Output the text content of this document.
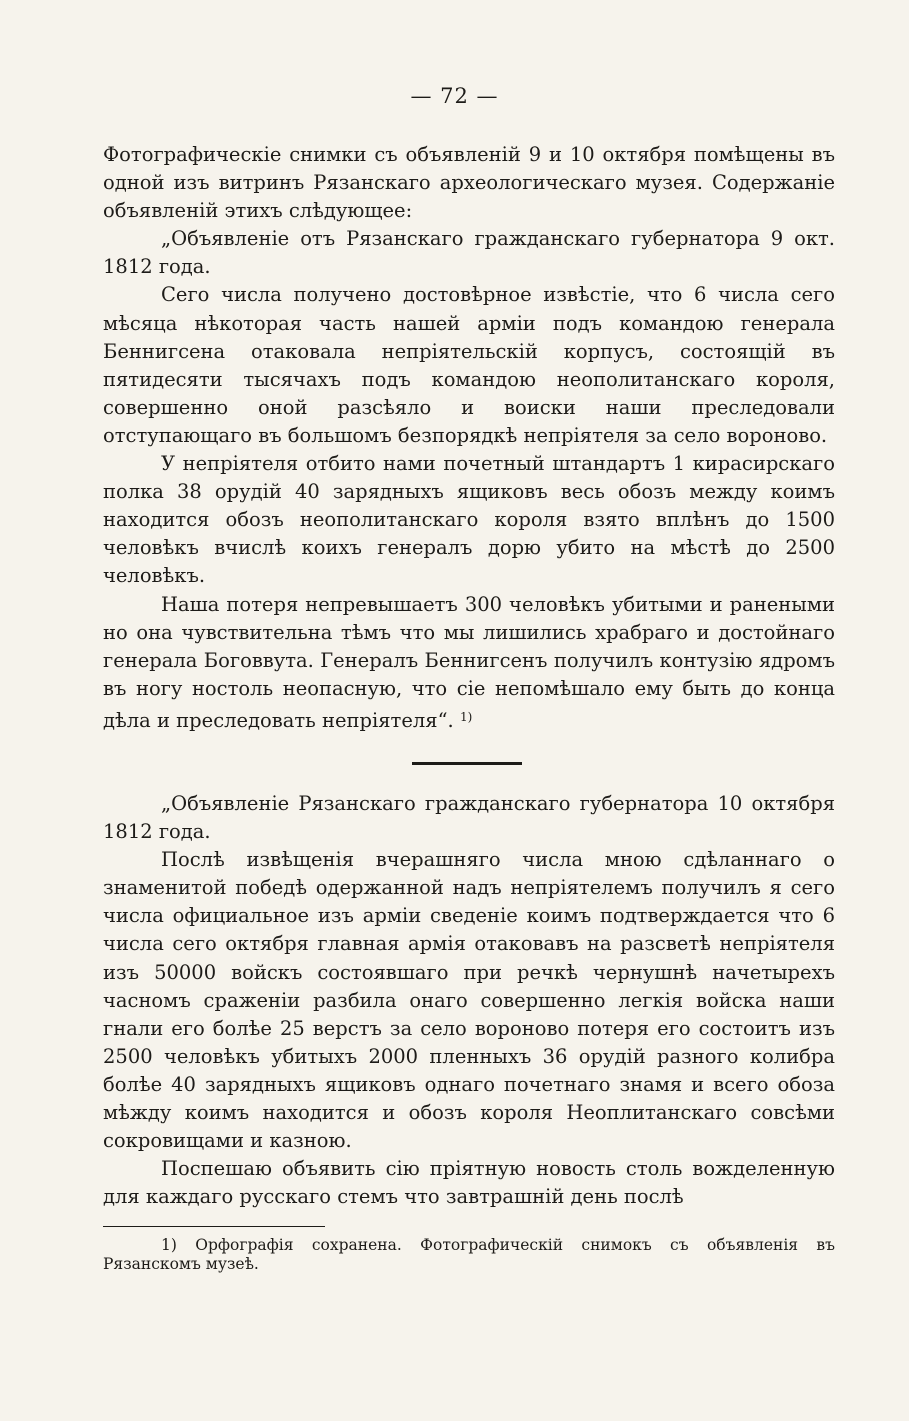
— 72 —

Фотографическіе снимки съ объявленій 9 и 10 октября помѣщены въ одной изъ витринъ Рязанскаго археологическаго музея. Содержаніе объявленій этихъ слѣдующее:

„Объявленіе отъ Рязанскаго гражданскаго губернатора 9 окт. 1812 года.

Сего числа получено достовѣрное извѣстіе, что 6 числа сего мѣсяца нѣкоторая часть нашей арміи подъ командою генерала Беннигсена отаковала непріятельскій корпусъ, состоящій въ пятидесяти тысячахъ подъ командою неополитанскаго короля, совершенно оной разсѣяло и воиски наши преследовали отступающаго въ большомъ безпорядкѣ непріятеля за село вороново.

У непріятеля отбито нами почетный штандартъ 1 кирасирскаго полка 38 орудій 40 зарядныхъ ящиковъ весь обозъ между коимъ находится обозъ неополитанскаго короля взято вплѣнъ до 1500 человѣкъ вчислѣ коихъ генералъ дорю убито на мѣстѣ до 2500 человѣкъ.

Наша потеря непревышаетъ 300 человѣкъ убитыми и ранеными но она чувствительна тѣмъ что мы лишились храбраго и достойнаго генерала Боговвута. Генералъ Беннигсенъ получилъ контузію ядромъ въ ногу ностоль неопасную, что сіе непомѣшало ему быть до конца дѣла и преследовать непріятеля“. $^{1)}$

„Объявленіе Рязанскаго гражданскаго губернатора 10 октября 1812 года.

Послѣ извѣщенія вчерашняго числа мною сдѣланнаго о знаменитой победѣ одержанной надъ непріятелемъ получилъ я сего числа официальное изъ арміи сведеніе коимъ подтверждается что 6 числа сего октября главная армія отаковавъ на разсветѣ непріятеля изъ 50000 войскъ состоявшаго при речкѣ чернушнѣ начетырехъ часномъ сраженіи разбила онаго совершенно легкія войска наши гнали его болѣе 25 верстъ за село вороново потеря его состоитъ изъ 2500 человѣкъ убитыхъ 2000 пленныхъ 36 орудій разного колибра болѣе 40 зарядныхъ ящиковъ однаго почетнаго знамя и всего обоза мѣжду коимъ находится и обозъ короля Неоплитанскаго совсѣми сокровищами и казною.

Поспешаю объявить сію пріятную новость столь вожделенную для каждаго русскаго стемъ что завтрашній день послѣ

1) Орфографія сохранена. Фотографическій снимокъ съ объявленія въ Рязанскомъ музеѣ.
